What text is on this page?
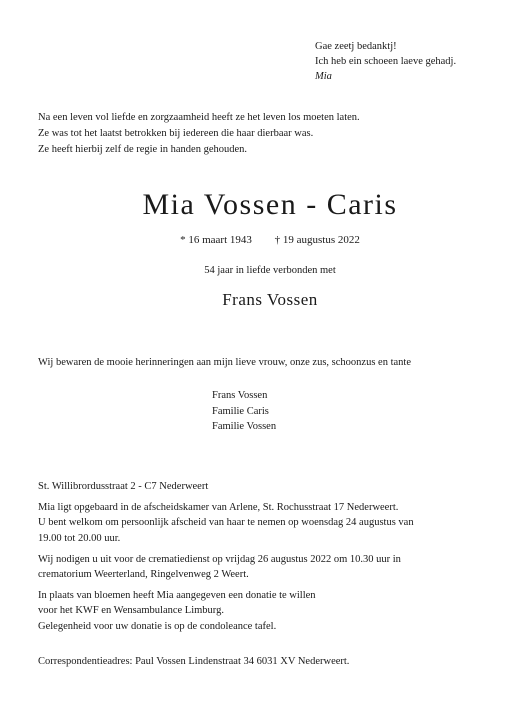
Gae zeetj bedanktj!
Ich heb ein schoeen laeve gehadj.
Mia
Na een leven vol liefde en zorgzaamheid heeft ze het leven los moeten laten.
Ze was tot het laatst betrokken bij iedereen die haar dierbaar was.
Ze heeft hierbij zelf de regie in handen gehouden.
Mia Vossen - Caris
* 16 maart 1943 † 19 augustus 2022
54 jaar in liefde verbonden met
Frans Vossen
Wij bewaren de mooie herinneringen aan mijn lieve vrouw, onze zus, schoonzus en tante
Frans Vossen
Familie Caris
Familie Vossen

St. Willibrordusstraat 2 - C7 Nederweert

Mia ligt opgebaard in de afscheidskamer van Arlene, St. Rochusstraat 17 Nederweert.
U bent welkom om persoonlijk afscheid van haar te nemen op woensdag 24 augustus van
19.00 tot 20.00 uur.

Wij nodigen u uit voor de crematiedienst op vrijdag 26 augustus 2022 om 10.30 uur in
crematorium Weerterland, Ringelvenweg 2 Weert.

In plaats van bloemen heeft Mia aangegeven een donatie te willen
voor het KWF en Wensambulance Limburg.
Gelegenheid voor uw donatie is op de condoleance tafel.

Correspondentieadres: Paul Vossen Lindenstraat 34 6031 XV Nederweert.
